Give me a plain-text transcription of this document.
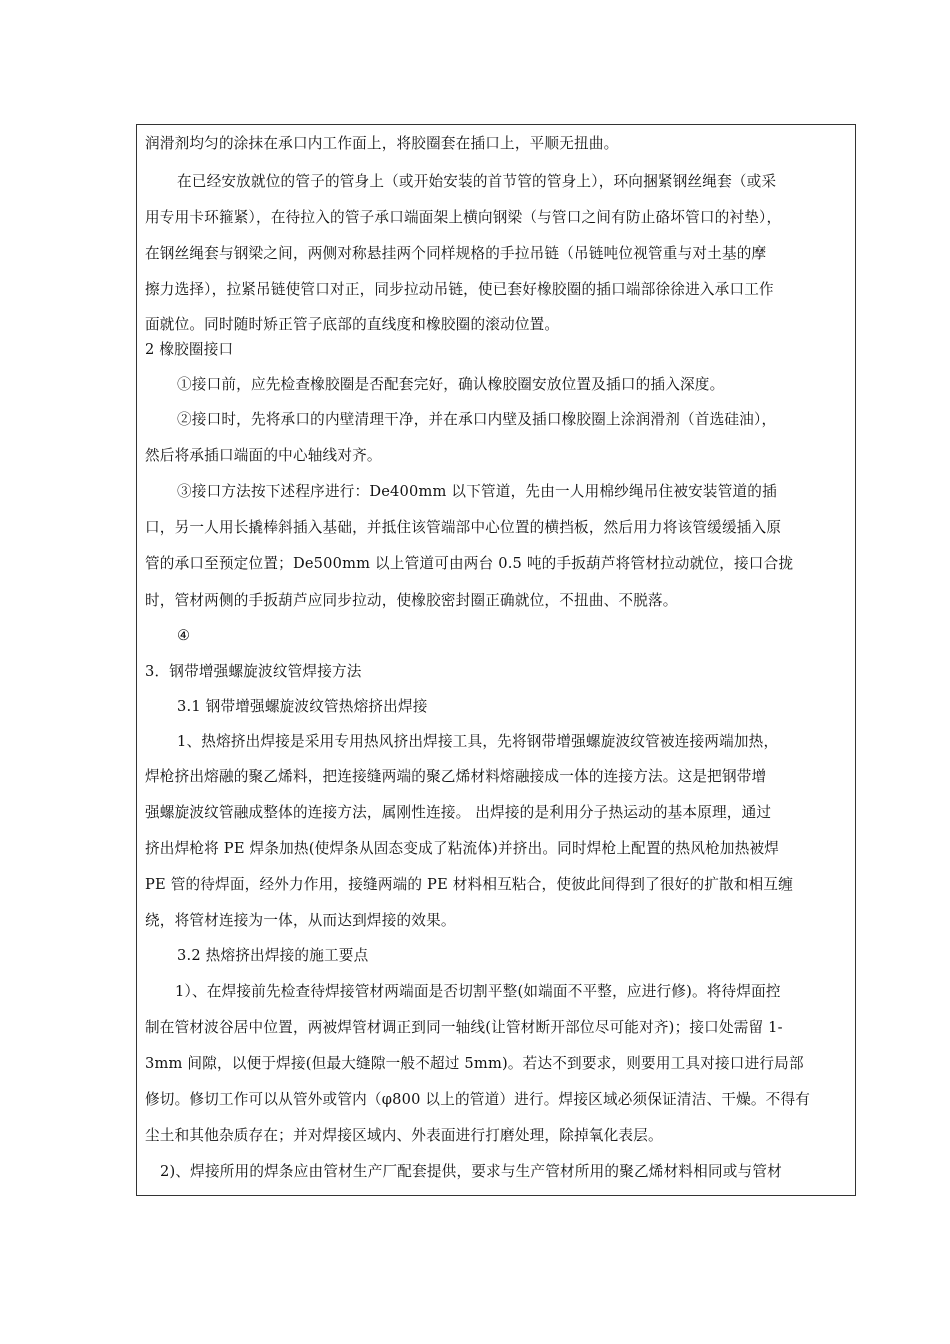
润滑剂均匀的涂抹在承口内工作面上，将胶圈套在插口上，平顺无扭曲。
在已经安放就位的管子的管身上（或开始安装的首节管的管身上），环向捆紧钢丝绳套（或采
用专用卡环箍紧），在待拉入的管子承口端面架上横向钢梁（与管口之间有防止硌坏管口的衬垫），
在钢丝绳套与钢梁之间，两侧对称悬挂两个同样规格的手拉吊链（吊链吨位视管重与对土基的摩
擦力选择），拉紧吊链使管口对正，同步拉动吊链，使已套好橡胶圈的插口端部徐徐进入承口工作
面就位。同时随时矫正管子底部的直线度和橡胶圈的滚动位置。
2 橡胶圈接口
①接口前，应先检查橡胶圈是否配套完好，确认橡胶圈安放位置及插口的插入深度。
②接口时，先将承口的内壁清理干净，并在承口内壁及插口橡胶圈上涂润滑剂（首选硅油），
然后将承插口端面的中心轴线对齐。
③接口方法按下述程序进行：De400mm 以下管道，先由一人用棉纱绳吊住被安装管道的插
口，另一人用长撬棒斜插入基础，并抵住该管端部中心位置的横挡板，然后用力将该管缓缓插入原
管的承口至预定位置；De500mm 以上管道可由两台 0.5 吨的手扳葫芦将管材拉动就位，接口合拢
时，管材两侧的手扳葫芦应同步拉动，使橡胶密封圈正确就位，不扭曲、不脱落。
④
3．钢带增强螺旋波纹管焊接方法
3.1 钢带增强螺旋波纹管热熔挤出焊接
1、热熔挤出焊接是采用专用热风挤出焊接工具，先将钢带增强螺旋波纹管被连接两端加热，
焊枪挤出熔融的聚乙烯料，把连接缝两端的聚乙烯材料熔融接成一体的连接方法。这是把钢带增
强螺旋波纹管融成整体的连接方法，属刚性连接。 出焊接的是利用分子热运动的基本原理，通过
挤出焊枪将 PE 焊条加热(使焊条从固态变成了粘流体)并挤出。同时焊枪上配置的热风枪加热被焊
PE 管的待焊面，经外力作用，接缝两端的 PE 材料相互粘合，使彼此间得到了很好的扩散和相互缠
绕，将管材连接为一体，从而达到焊接的效果。
3.2 热熔挤出焊接的施工要点
1）、在焊接前先检查待焊接管材两端面是否切割平整(如端面不平整，应进行修)。将待焊面控
制在管材波谷居中位置，两被焊管材调正到同一轴线(让管材断开部位尽可能对齐)；接口处需留 1-
3mm 间隙，以便于焊接(但最大缝隙一般不超过 5mm)。若达不到要求，则要用工具对接口进行局部
修切。修切工作可以从管外或管内（φ800 以上的管道）进行。焊接区域必须保证清洁、干燥。不得有
尘土和其他杂质存在；并对焊接区域内、外表面进行打磨处理，除掉氧化表层。
2)、焊接所用的焊条应由管材生产厂配套提供，要求与生产管材所用的聚乙烯材料相同或与管材
